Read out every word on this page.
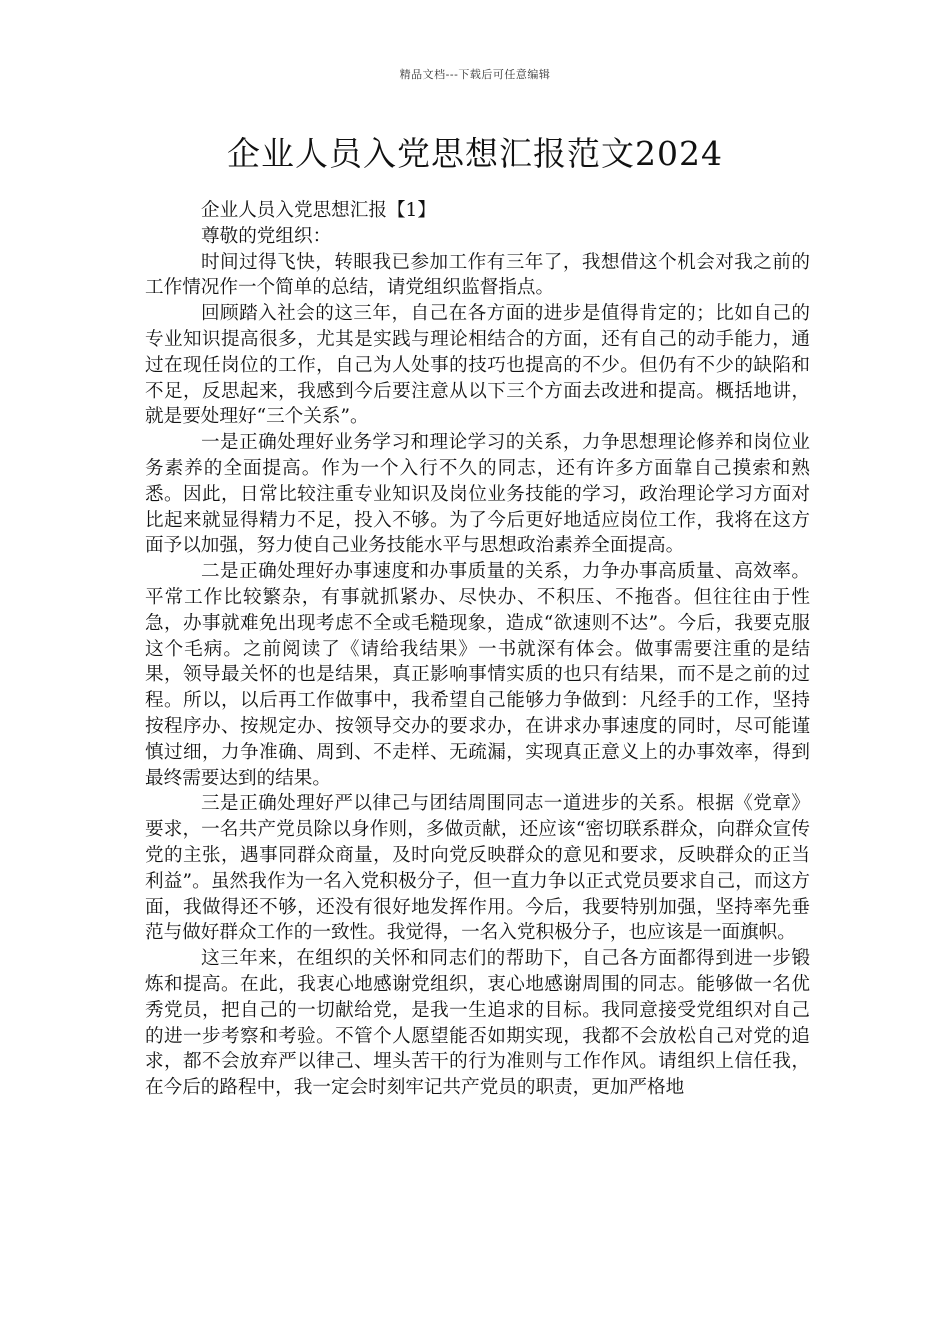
精品文档---下载后可任意编辑
企业人员入党思想汇报范文2024

企业人员入党思想汇报【1】

尊敬的党组织：

时间过得飞快，转眼我已参加工作有三年了，我想借这个机会对我之前的工作情况作一个简单的总结，请党组织监督指点。

回顾踏入社会的这三年，自己在各方面的进步是值得肯定的；比如自己的专业知识提高很多，尤其是实践与理论相结合的方面，还有自己的动手能力，通过在现任岗位的工作，自己为人处事的技巧也提高的不少。但仍有不少的缺陷和不足，反思起来，我感到今后要注意从以下三个方面去改进和提高。概括地讲，就是要处理好“三个关系”。

一是正确处理好业务学习和理论学习的关系，力争思想理论修养和岗位业务素养的全面提高。作为一个入行不久的同志，还有许多方面靠自己摸索和熟悉。因此，日常比较注重专业知识及岗位业务技能的学习，政治理论学习方面对比起来就显得精力不足，投入不够。为了今后更好地适应岗位工作，我将在这方面予以加强，努力使自己业务技能水平与思想政治素养全面提高。

二是正确处理好办事速度和办事质量的关系，力争办事高质量、高效率。平常工作比较繁杂，有事就抓紧办、尽快办、不积压、不拖沓。但往往由于性急，办事就难免出现考虑不全或毛糙现象，造成“欲速则不达”。今后，我要克服这个毛病。之前阅读了《请给我结果》一书就深有体会。做事需要注重的是结果，领导最关怀的也是结果，真正影响事情实质的也只有结果，而不是之前的过程。所以，以后再工作做事中，我希望自己能够力争做到：凡经手的工作，坚持按程序办、按规定办、按领导交办的要求办，在讲求办事速度的同时，尽可能谨慎过细，力争准确、周到、不走样、无疏漏，实现真正意义上的办事效率，得到最终需要达到的结果。

三是正确处理好严以律己与团结周围同志一道进步的关系。根据《党章》要求，一名共产党员除以身作则，多做贡献，还应该“密切联系群众，向群众宣传党的主张，遇事同群众商量，及时向党反映群众的意见和要求，反映群众的正当利益”。虽然我作为一名入党积极分子，但一直力争以正式党员要求自己，而这方面，我做得还不够，还没有很好地发挥作用。今后，我要特别加强，坚持率先垂范与做好群众工作的一致性。我觉得，一名入党积极分子，也应该是一面旗帜。

这三年来，在组织的关怀和同志们的帮助下，自己各方面都得到进一步锻炼和提高。在此，我衷心地感谢党组织，衷心地感谢周围的同志。能够做一名优秀党员，把自己的一切献给党，是我一生追求的目标。我同意接受党组织对自己的进一步考察和考验。不管个人愿望能否如期实现，我都不会放松自己对党的追求，都不会放弃严以律己、埋头苦干的行为准则与工作作风。请组织上信任我，在今后的路程中，我一定会时刻牢记共产党员的职责，更加严格地
